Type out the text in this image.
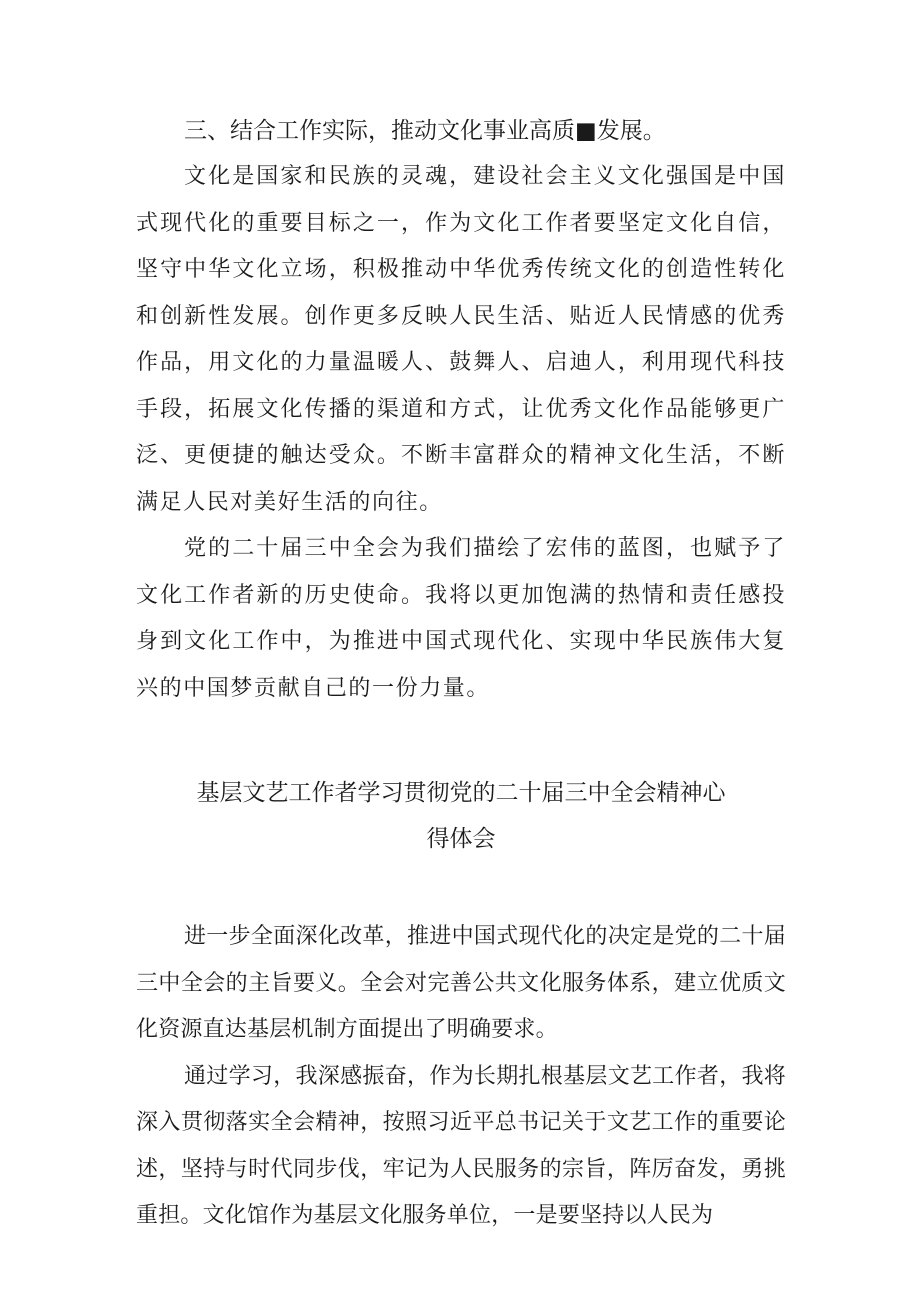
三、结合工作实际，推动文化事业高质■发展。

文化是国家和民族的灵魂，建设社会主义文化强国是中国式现代化的重要目标之一，作为文化工作者要坚定文化自信，坚守中华文化立场，积极推动中华优秀传统文化的创造性转化和创新性发展。创作更多反映人民生活、贴近人民情感的优秀作品，用文化的力量温暖人、鼓舞人、启迪人，利用现代科技手段，拓展文化传播的渠道和方式，让优秀文化作品能够更广泛、更便捷的触达受众。不断丰富群众的精神文化生活，不断满足人民对美好生活的向往。

党的二十届三中全会为我们描绘了宏伟的蓝图，也赋予了文化工作者新的历史使命。我将以更加饱满的热情和责任感投身到文化工作中，为推进中国式现代化、实现中华民族伟大复兴的中国梦贡献自己的一份力量。

基层文艺工作者学习贯彻党的二十届三中全会精神心
得体会

进一步全面深化改革，推进中国式现代化的决定是党的二十届三中全会的主旨要义。全会对完善公共文化服务体系，建立优质文化资源直达基层机制方面提出了明确要求。

通过学习，我深感振奋，作为长期扎根基层文艺工作者，我将深入贯彻落实全会精神，按照习近平总书记关于文艺工作的重要论述，坚持与时代同步伐，牢记为人民服务的宗旨，阵厉奋发，勇挑重担。文化馆作为基层文化服务单位，一是要坚持以人民为
